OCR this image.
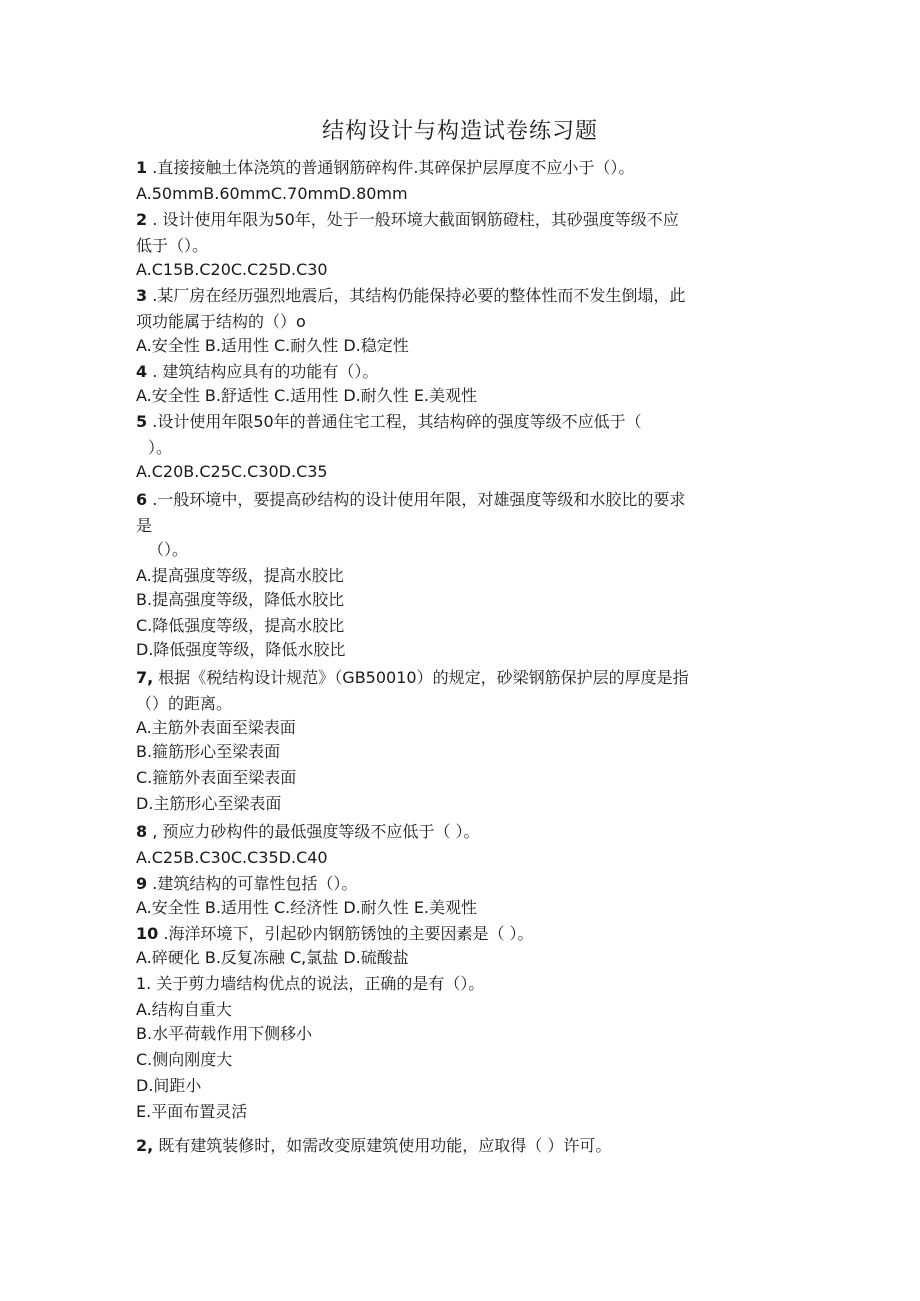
结构设计与构造试卷练习题
1 .直接接触土体浇筑的普通钢筋碎构件.其碎保护层厚度不应小于（）。
A.50mmB.60mmC.70mmD.80mm
2 . 设计使用年限为50年，处于一般环境大截面钢筋磴柱，其砂强度等级不应
低于（）。
A.C15B.C20C.C25D.C30
3 .某厂房在经历强烈地震后，其结构仍能保持必要的整体性而不发生倒塌，此
项功能属于结构的（）o
A.安全性 B.适用性 C.耐久性 D.稳定性
4 . 建筑结构应具有的功能有（）。
A.安全性 B.舒适性 C.适用性 D.耐久性 E.美观性
5 .设计使用年限50年的普通住宅工程，其结构碎的强度等级不应低于（
）。
A.C20B.C25C.C30D.C35
6 .一般环境中，要提高砂结构的设计使用年限，对雄强度等级和水胶比的要求
是
（）。
A.提高强度等级，提高水胶比
B.提高强度等级，降低水胶比
C.降低强度等级，提高水胶比
D.降低强度等级，降低水胶比
7, 根据《税结构设计规范》（GB50010）的规定，砂梁钢筋保护层的厚度是指
（）的距离。
A.主筋外表面至梁表面
B.箍筋形心至梁表面
C.箍筋外表面至梁表面
D.主筋形心至梁表面
8 , 预应力砂构件的最低强度等级不应低于（ ）。
A.C25B.C30C.C35D.C40
9 .建筑结构的可靠性包括（）。
A.安全性 B.适用性 C.经济性 D.耐久性 E.美观性
10 .海洋环境下，引起砂内钢筋锈蚀的主要因素是（ ）。
A.碎硬化 B.反复冻融 C,氯盐 D.硫酸盐
1. 关于剪力墙结构优点的说法，正确的是有（）。
A.结构自重大
B.水平荷载作用下侧移小
C.侧向刚度大
D.间距小
E.平面布置灵活
2, 既有建筑装修时，如需改变原建筑使用功能，应取得（ ）许可。
